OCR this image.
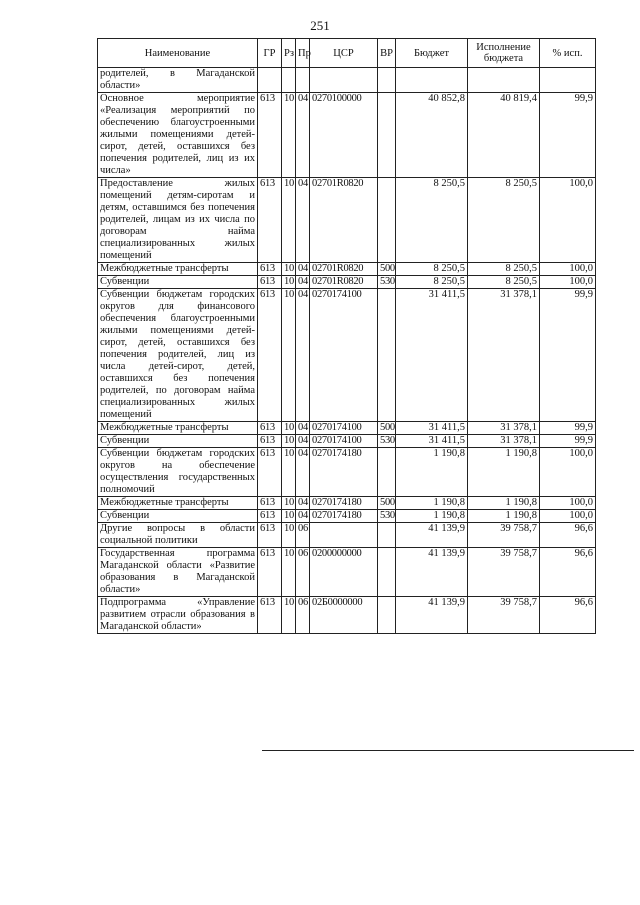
251
Наименование	ГР	Рз	Пр	ЦСР	ВР	Бюджет	Исполнение бюджета	% исп.
родителей, в Магаданской области»								
Основное мероприятие «Реализация мероприятий по обеспечению благоустроенными жилыми помещениями детей-сирот, детей, оставшихся без попечения родителей, лиц из их числа»	613	10	04	0270100000		40 852,8	40 819,4	99,9
Предоставление жилых помещений детям-сиротам и детям, оставшимся без попечения родителей, лицам из их числа по договорам найма специализированных жилых помещений	613	10	04	02701R0820		8 250,5	8 250,5	100,0
Межбюджетные трансферты	613	10	04	02701R0820	500	8 250,5	8 250,5	100,0
Субвенции	613	10	04	02701R0820	530	8 250,5	8 250,5	100,0
Субвенции бюджетам городских округов для финансового обеспечения благоустроенными жилыми помещениями детей-сирот, детей, оставшихся без попечения родителей, лиц из числа детей-сирот, детей, оставшихся без попечения родителей, по договорам найма специализированных жилых помещений	613	10	04	0270174100		31 411,5	31 378,1	99,9
Межбюджетные трансферты	613	10	04	0270174100	500	31 411,5	31 378,1	99,9
Субвенции	613	10	04	0270174100	530	31 411,5	31 378,1	99,9
Субвенции бюджетам городских округов на обеспечение осуществления государственных полномочий	613	10	04	0270174180		1 190,8	1 190,8	100,0
Межбюджетные трансферты	613	10	04	0270174180	500	1 190,8	1 190,8	100,0
Субвенции	613	10	04	0270174180	530	1 190,8	1 190,8	100,0
Другие вопросы в области социальной политики	613	10	06			41 139,9	39 758,7	96,6
Государственная программа Магаданской области «Развитие образования в Магаданской области»	613	10	06	0200000000		41 139,9	39 758,7	96,6
Подпрограмма «Управление развитием отрасли образования в Магаданской области»	613	10	06	02Б0000000		41 139,9	39 758,7	96,6
